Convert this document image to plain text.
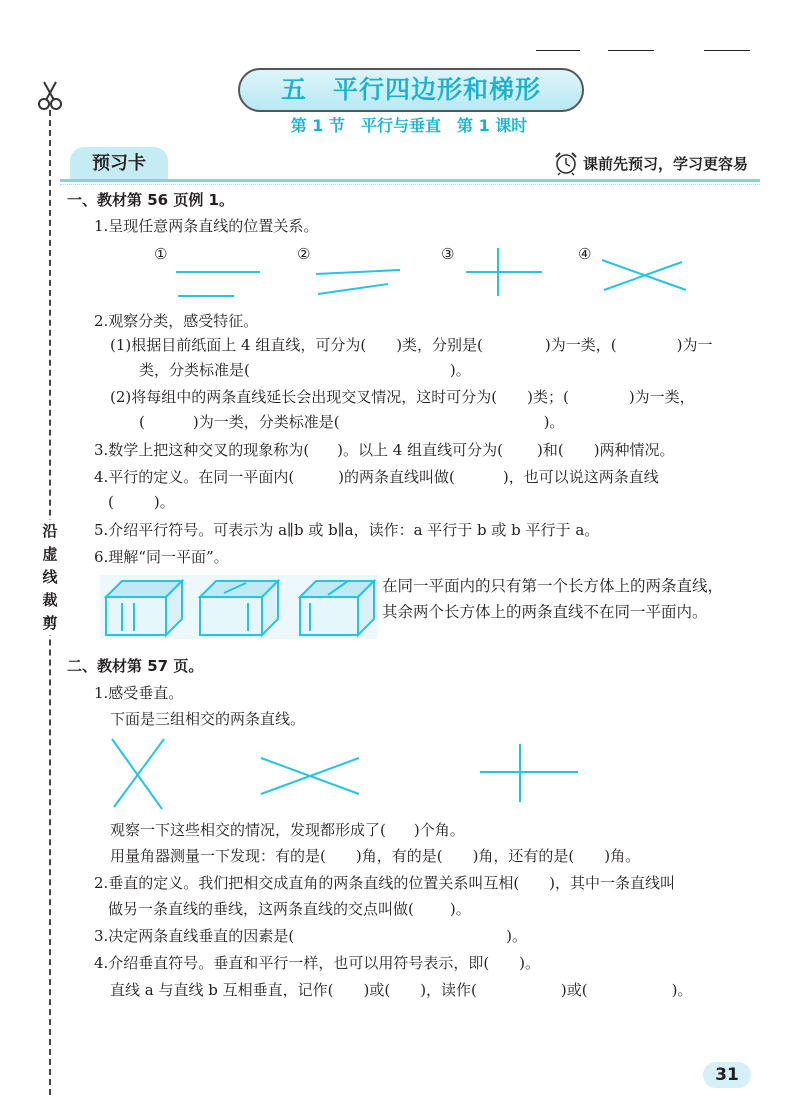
沿
虚
线
裁
剪
五　平行四边形和梯形
第 1 节　平行与垂直　第 1 课时
预习卡	课前先预习，学习更容易
一、教材第 56 页例 1。
1.呈现任意两条直线的位置关系。
①	②	③	④
2.观察分类，感受特征。
(1)根据目前纸面上 4 组直线，可分为( )类，分别是(	)为一类，(	)为一
类，分类标准是(	)。
(2)将每组中的两条直线延长会出现交叉情况，这时可分为( )类；(	)为一类，
(	)为一类，分类标准是(	)。
3.数学上把这种交叉的现象称为( )。以上 4 组直线可分为( )和( )两种情况。
4.平行的定义。在同一平面内(	)的两条直线叫做(	)，也可以说这两条直线
(	)。
5.介绍平行符号。可表示为 a∥b 或 b∥a，读作：a 平行于 b 或 b 平行于 a。
6.理解“同一平面”。
在同一平面内的只有第一个长方体上的两条直线，
其余两个长方体上的两条直线不在同一平面内。
二、教材第 57 页。
1.感受垂直。
下面是三组相交的两条直线。
观察一下这些相交的情况，发现都形成了( )个角。
用量角器测量一下发现：有的是( )角，有的是( )角，还有的是( )角。
2.垂直的定义。我们把相交成直角的两条直线的位置关系叫互相( )，其中一条直线叫
做另一条直线的垂线，这两条直线的交点叫做( )。
3.决定两条直线垂直的因素是(	)。
4.介绍垂直符号。垂直和平行一样，也可以用符号表示，即( )。
直线 a 与直线 b 互相垂直，记作( )或( )，读作(	)或(	)。
31
